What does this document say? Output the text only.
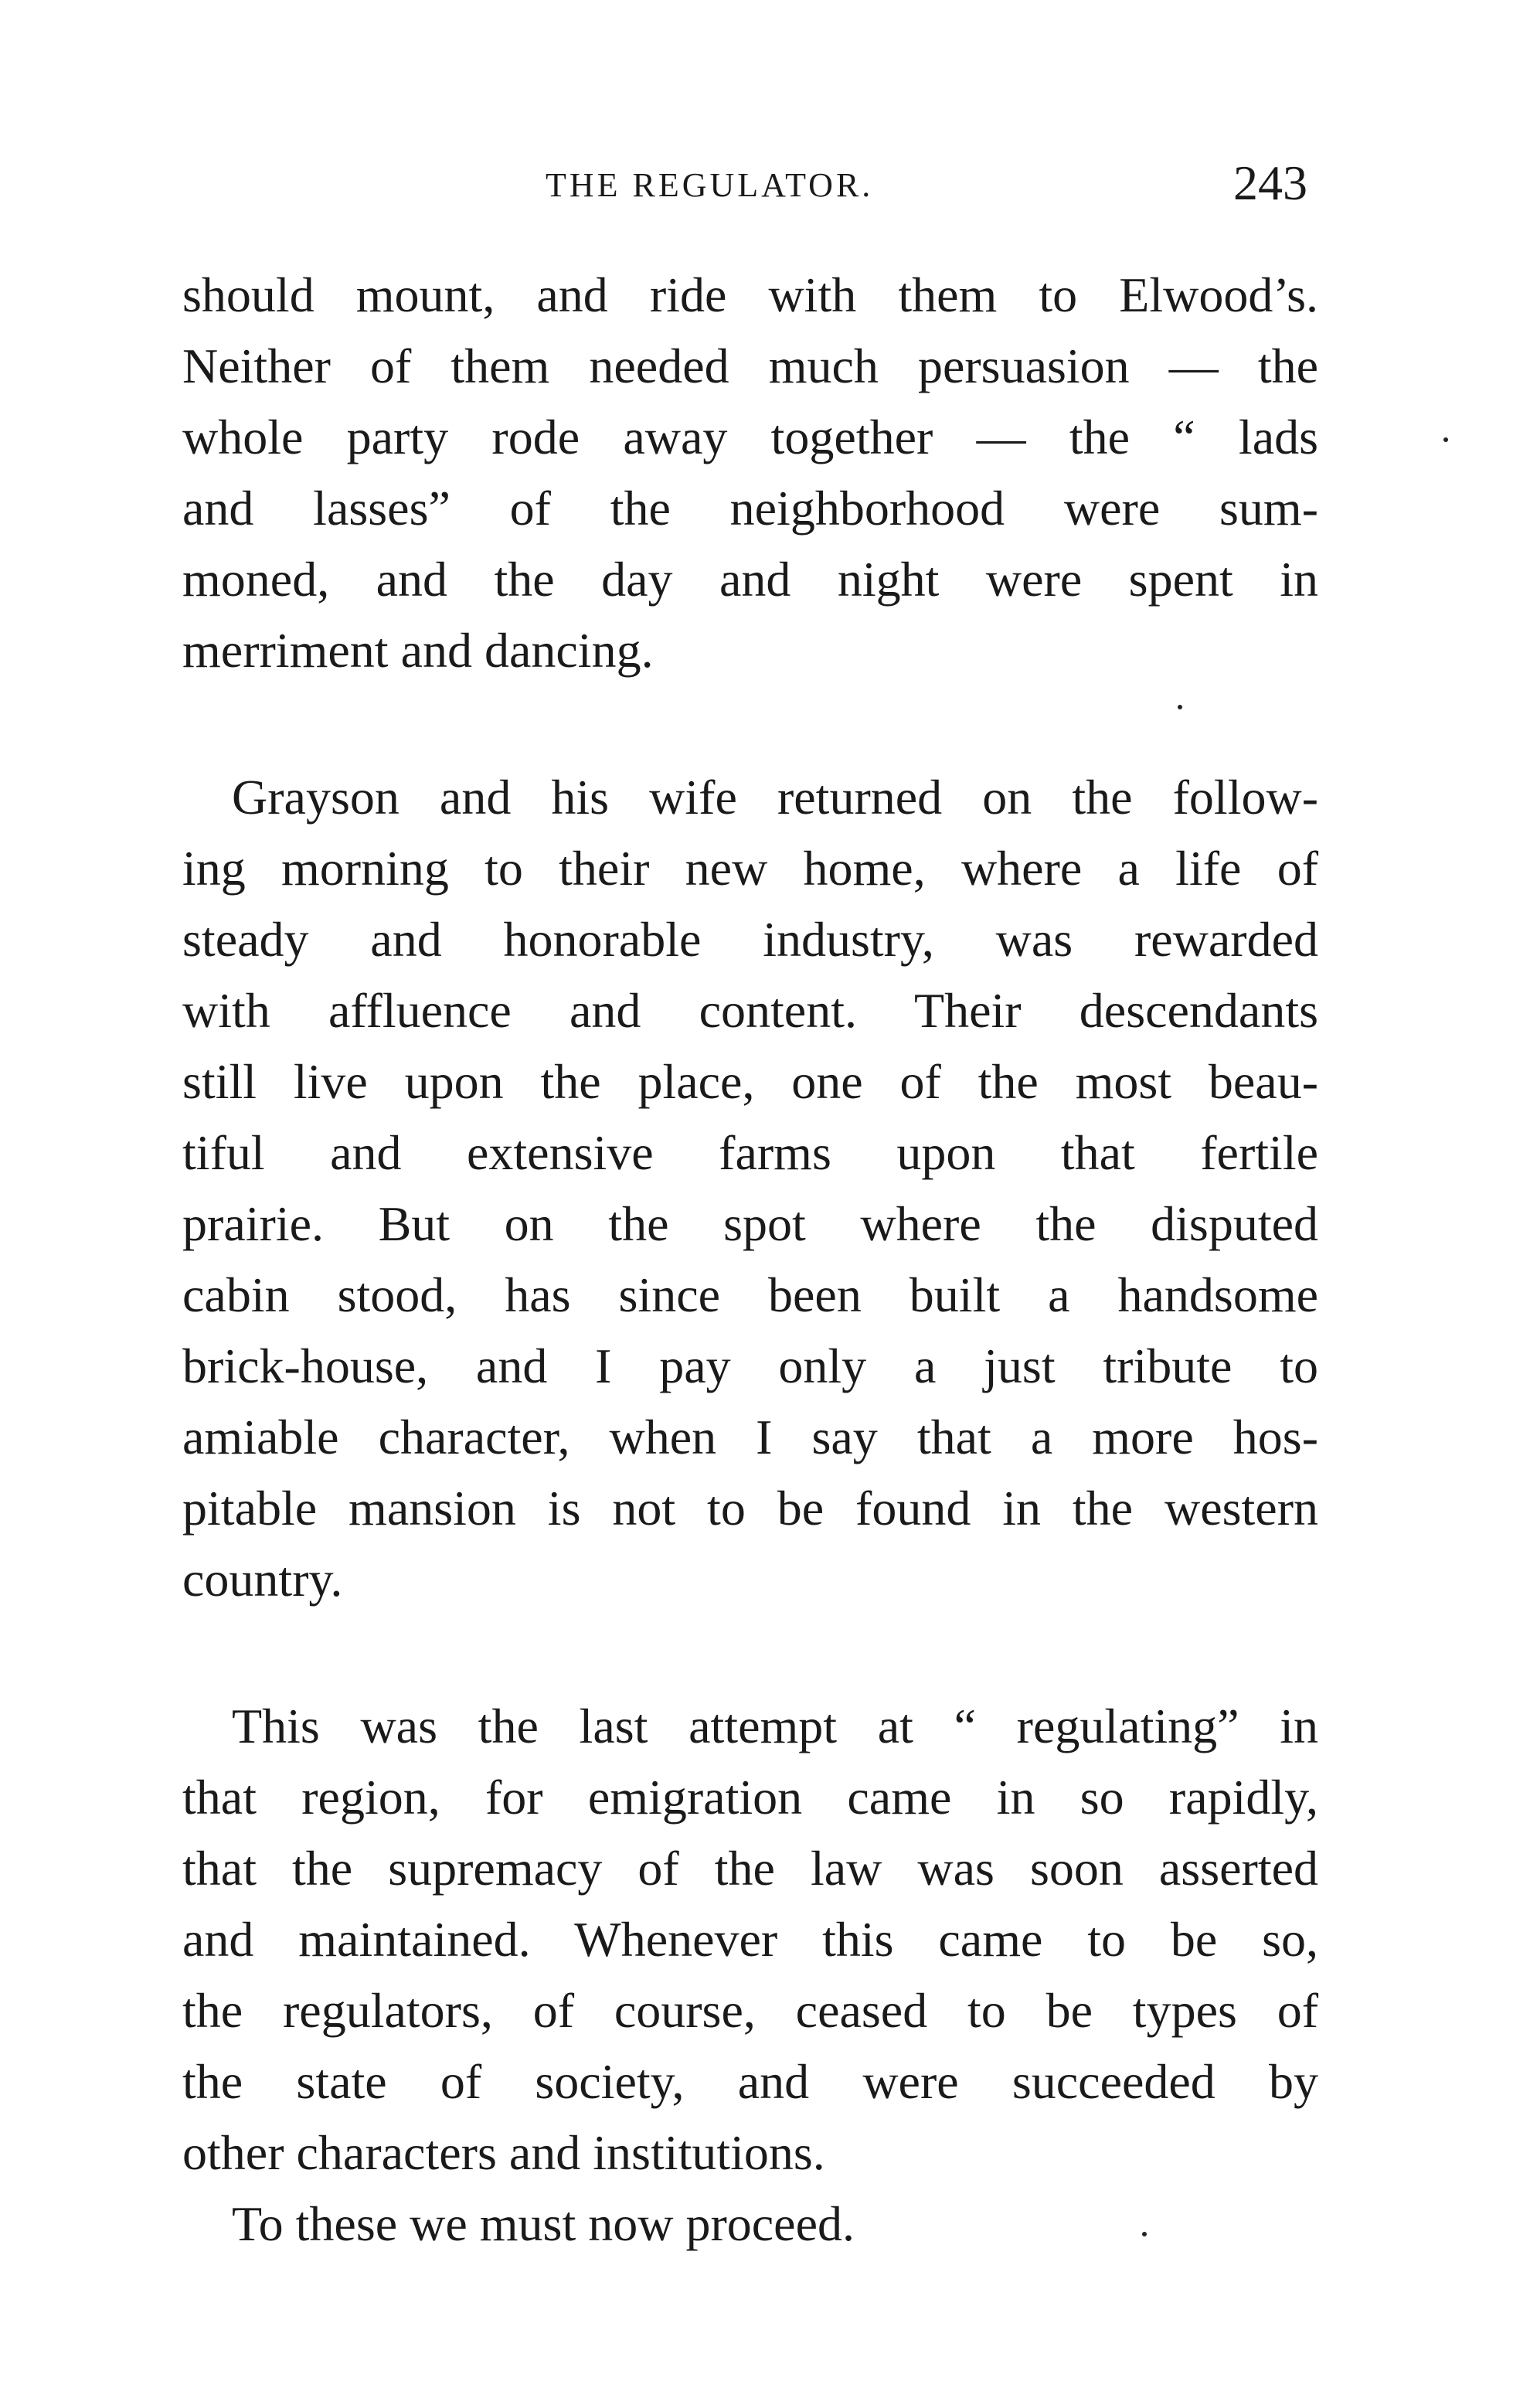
THE REGULATOR.	243
should mount, and ride with them to Elwood’s.
Neither of them needed much persuasion — the
whole party rode away together — the “ lads
and lasses” of the neighborhood were sum-
moned, and the day and night were spent in
merriment and dancing.
Grayson and his wife returned on the follow-
ing morning to their new home, where a life of
steady and honorable industry, was rewarded
with affluence and content. Their descendants
still live upon the place, one of the most beau-
tiful and extensive farms upon that fertile
prairie. But on the spot where the disputed
cabin stood, has since been built a handsome
brick-house, and I pay only a just tribute to
amiable character, when I say that a more hos-
pitable mansion is not to be found in the western
country.
This was the last attempt at “ regulating” in
that region, for emigration came in so rapidly,
that the supremacy of the law was soon asserted
and maintained. Whenever this came to be so,
the regulators, of course, ceased to be types of
the state of society, and were succeeded by
other characters and institutions.
To these we must now proceed.
